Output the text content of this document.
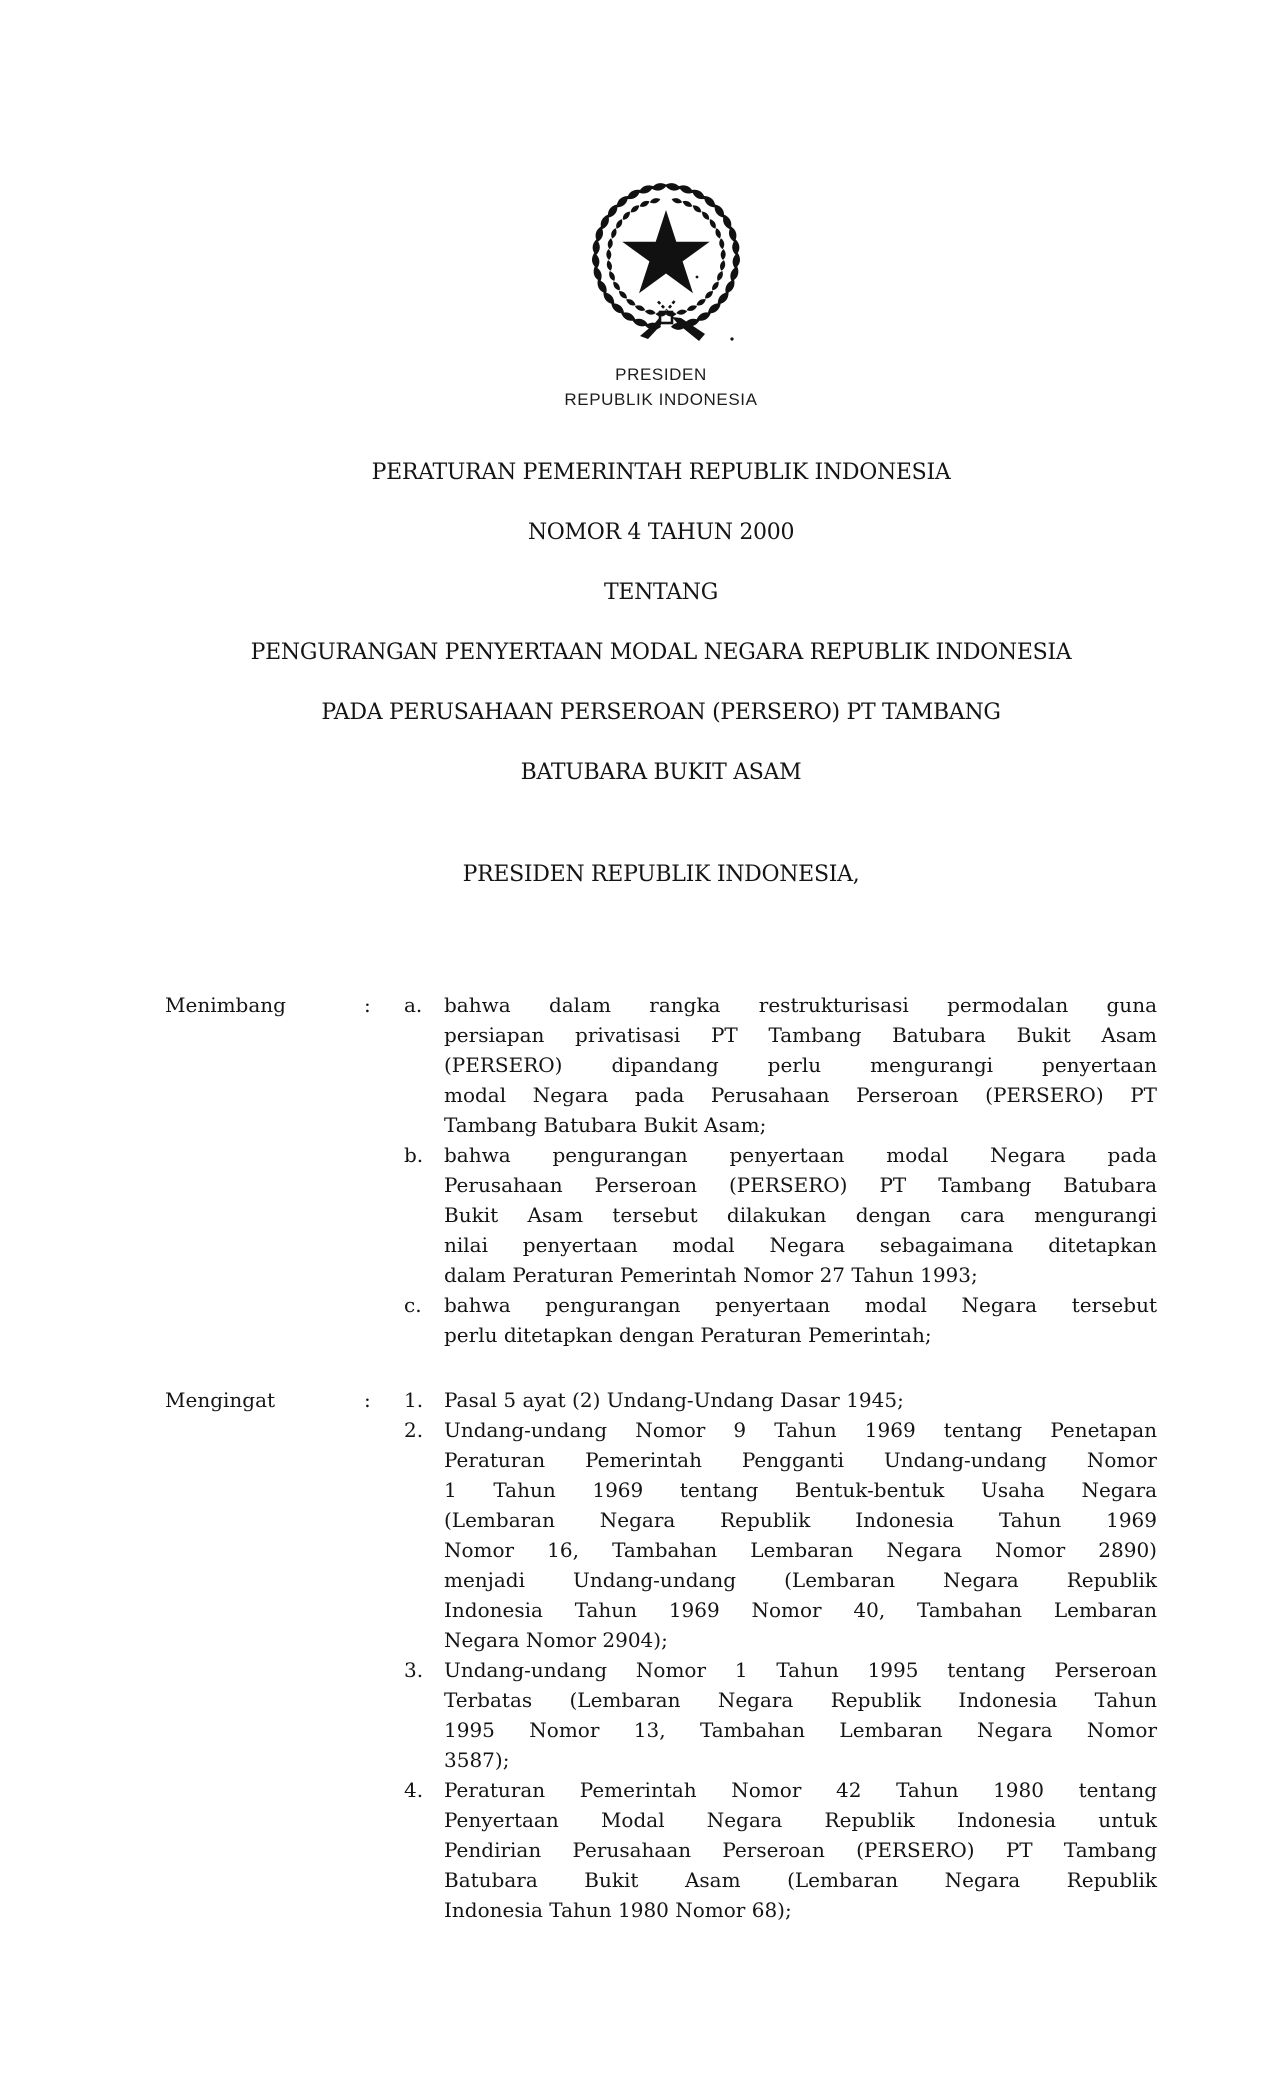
PRESIDEN
REPUBLIK INDONESIA
PERATURAN PEMERINTAH REPUBLIK INDONESIA
NOMOR 4 TAHUN 2000
TENTANG
PENGURANGAN PENYERTAAN MODAL NEGARA REPUBLIK INDONESIA
PADA PERUSAHAAN PERSEROAN (PERSERO) PT TAMBANG
BATUBARA BUKIT ASAM
PRESIDEN REPUBLIK INDONESIA,
Menimbang	:	a.	bahwa dalam rangka restrukturisasi permodalan guna
persiapan privatisasi PT Tambang Batubara Bukit Asam
(PERSERO) dipandang perlu mengurangi penyertaan
modal Negara pada Perusahaan Perseroan (PERSERO) PT
Tambang Batubara Bukit Asam;
b.	bahwa pengurangan penyertaan modal Negara pada
Perusahaan Perseroan (PERSERO) PT Tambang Batubara
Bukit Asam tersebut dilakukan dengan cara mengurangi
nilai penyertaan modal Negara sebagaimana ditetapkan
dalam Peraturan Pemerintah Nomor 27 Tahun 1993;
c.	bahwa pengurangan penyertaan modal Negara tersebut
perlu ditetapkan dengan Peraturan Pemerintah;
Mengingat	:	1.	Pasal 5 ayat (2) Undang-Undang Dasar 1945;
2.	Undang-undang Nomor 9 Tahun 1969 tentang Penetapan
Peraturan Pemerintah Pengganti Undang-undang Nomor
1 Tahun 1969 tentang Bentuk-bentuk Usaha Negara
(Lembaran Negara Republik Indonesia Tahun 1969
Nomor 16, Tambahan Lembaran Negara Nomor 2890)
menjadi Undang-undang (Lembaran Negara Republik
Indonesia Tahun 1969 Nomor 40, Tambahan Lembaran
Negara Nomor 2904);
3.	Undang-undang Nomor 1 Tahun 1995 tentang Perseroan
Terbatas (Lembaran Negara Republik Indonesia Tahun
1995 Nomor 13, Tambahan Lembaran Negara Nomor
3587);
4.	Peraturan Pemerintah Nomor 42 Tahun 1980 tentang
Penyertaan Modal Negara Republik Indonesia untuk
Pendirian Perusahaan Perseroan (PERSERO) PT Tambang
Batubara Bukit Asam (Lembaran Negara Republik
Indonesia Tahun 1980 Nomor 68);
